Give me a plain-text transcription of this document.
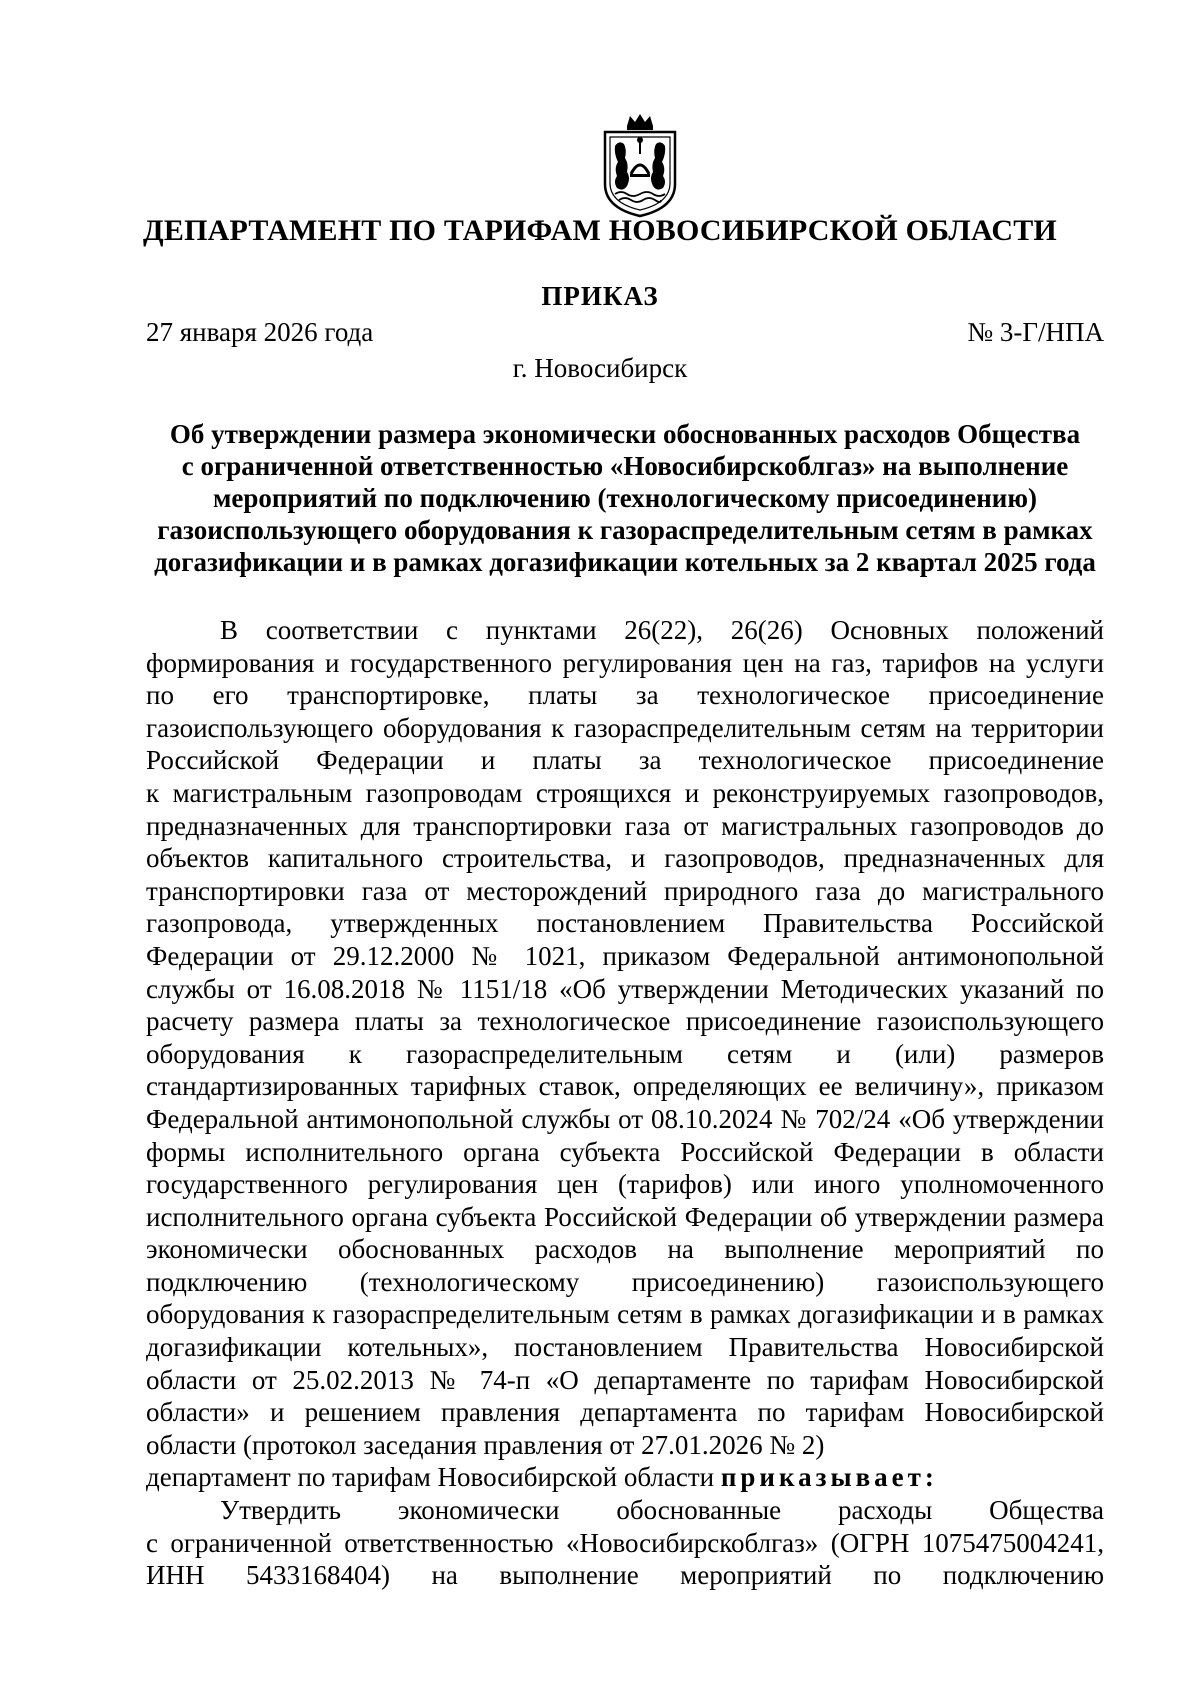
ДЕПАРТАМЕНТ ПО ТАРИФАМ НОВОСИБИРСКОЙ ОБЛАСТИ
ПРИКАЗ
27 января 2026 года	№ 3-Г/НПА
г. Новосибирск
Об утверждении размера экономически обоснованных расходов Общества
с ограниченной ответственностью «Новосибирскоблгаз» на выполнение
мероприятий по подключению (технологическому присоединению)
газоиспользующего оборудования к газораспределительным сетям в рамках
догазификации и в рамках догазификации котельных за 2 квартал 2025 года
В соответствии с пунктами 26(22), 26(26) Основных положений
формирования и государственного регулирования цен на газ, тарифов на услуги
по его транспортировке, платы за технологическое присоединение
газоиспользующего оборудования к газораспределительным сетям на территории
Российской Федерации и платы за технологическое присоединение
к магистральным газопроводам строящихся и реконструируемых газопроводов,
предназначенных для транспортировки газа от магистральных газопроводов до
объектов капитального строительства, и газопроводов, предназначенных для
транспортировки газа от месторождений природного газа до магистрального
газопровода, утвержденных постановлением Правительства Российской
Федерации от 29.12.2000 № 1021, приказом Федеральной антимонопольной
службы от 16.08.2018 № 1151/18 «Об утверждении Методических указаний по
расчету размера платы за технологическое присоединение газоиспользующего
оборудования к газораспределительным сетям и (или) размеров
стандартизированных тарифных ставок, определяющих ее величину», приказом
Федеральной антимонопольной службы от 08.10.2024 № 702/24 «Об утверждении
формы исполнительного органа субъекта Российской Федерации в области
государственного регулирования цен (тарифов) или иного уполномоченного
исполнительного органа субъекта Российской Федерации об утверждении размера
экономически обоснованных расходов на выполнение мероприятий по
подключению (технологическому присоединению) газоиспользующего
оборудования к газораспределительным сетям в рамках догазификации и в рамках
догазификации котельных», постановлением Правительства Новосибирской
области от 25.02.2013 № 74-п «О департаменте по тарифам Новосибирской
области» и решением правления департамента по тарифам Новосибирской
области (протокол заседания правления от 27.01.2026 № 2)
департамент по тарифам Новосибирской области приказывает:
Утвердить экономически обоснованные расходы Общества
с ограниченной ответственностью «Новосибирскоблгаз» (ОГРН 1075475004241,
ИНН 5433168404) на выполнение мероприятий по подключению
